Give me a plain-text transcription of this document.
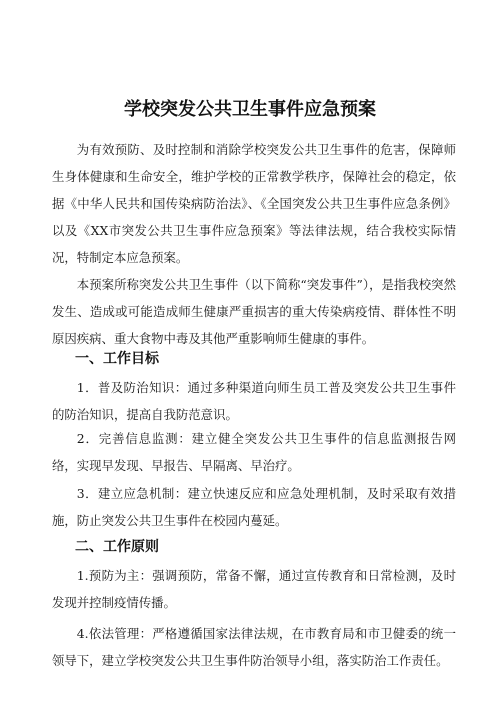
学校突发公共卫生事件应急预案

为有效预防、及时控制和消除学校突发公共卫生事件的危害，保障师生身体健康和生命安全，维护学校的正常教学秩序，保障社会的稳定，依据《中华人民共和国传染病防治法》、《全国突发公共卫生事件应急条例》以及《XX市突发公共卫生事件应急预案》等法律法规，结合我校实际情况，特制定本应急预案。

本预案所称突发公共卫生事件（以下简称“突发事件”），是指我校突然发生、造成或可能造成师生健康严重损害的重大传染病疫情、群体性不明原因疾病、重大食物中毒及其他严重影响师生健康的事件。

一、工作目标

1．普及防治知识：通过多种渠道向师生员工普及突发公共卫生事件的防治知识，提高自我防范意识。

2．完善信息监测：建立健全突发公共卫生事件的信息监测报告网络，实现早发现、早报告、早隔离、早治疗。

3．建立应急机制：建立快速反应和应急处理机制，及时采取有效措施，防止突发公共卫生事件在校园内蔓延。

二、工作原则

1.预防为主：强调预防，常备不懈，通过宣传教育和日常检测，及时发现并控制疫情传播。

4.依法管理：严格遵循国家法律法规，在市教育局和市卫健委的统一领导下，建立学校突发公共卫生事件防治领导小组，落实防治工作责任。
